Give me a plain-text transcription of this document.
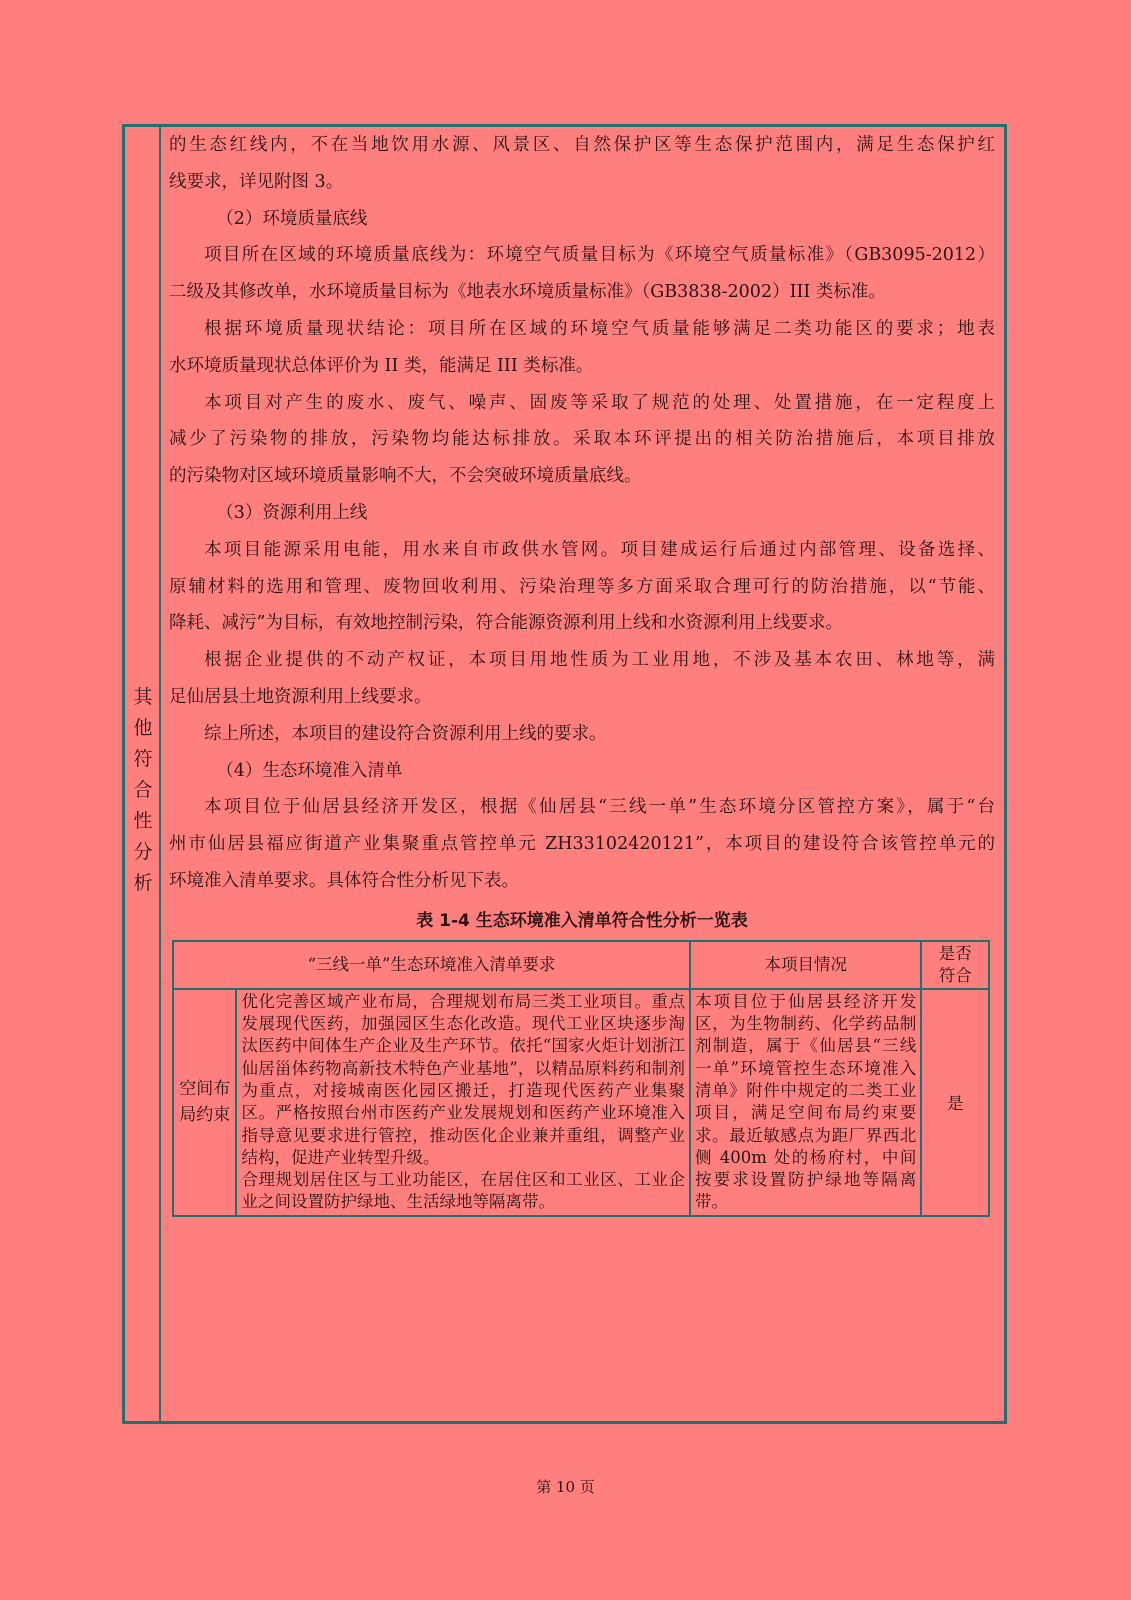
其
他
符
合
性
分
析

的生态红线内，不在当地饮用水源、风景区、自然保护区等生态保护范围内，满足生态保护红

线要求，详见附图 3。

（2）环境质量底线

项目所在区域的环境质量底线为：环境空气质量目标为《环境空气质量标准》（GB3095-2012）

二级及其修改单，水环境质量目标为《地表水环境质量标准》（GB3838-2002）III 类标准。

根据环境质量现状结论：项目所在区域的环境空气质量能够满足二类功能区的要求；地表

水环境质量现状总体评价为 II 类，能满足 III 类标准。

本项目对产生的废水、废气、噪声、固废等采取了规范的处理、处置措施，在一定程度上

减少了污染物的排放，污染物均能达标排放。采取本环评提出的相关防治措施后，本项目排放

的污染物对区域环境质量影响不大，不会突破环境质量底线。

（3）资源利用上线

本项目能源采用电能，用水来自市政供水管网。项目建成运行后通过内部管理、设备选择、

原辅材料的选用和管理、废物回收利用、污染治理等多方面采取合理可行的防治措施，以“节能、

降耗、减污”为目标，有效地控制污染，符合能源资源利用上线和水资源利用上线要求。

根据企业提供的不动产权证，本项目用地性质为工业用地，不涉及基本农田、林地等，满

足仙居县土地资源利用上线要求。

综上所述，本项目的建设符合资源利用上线的要求。

（4）生态环境准入清单

本项目位于仙居县经济开发区，根据《仙居县“三线一单”生态环境分区管控方案》，属于“台

州市仙居县福应街道产业集聚重点管控单元 ZH33102420121”，本项目的建设符合该管控单元的

环境准入清单要求。具体符合性分析见下表。

表 1-4 生态环境准入清单符合性分析一览表
“三线一单”生态环境准入清单要求		本项目情况	是否
符合

空间布局约束	优化完善区域产业布局，合理规划布局三类工业项目。重点发展现代医药，加强园区生态化改造。现代工业区块逐步淘汰医药中间体生产企业及生产环节。依托“国家火炬计划浙江仙居甾体药物高新技术特色产业基地”，以精品原料药和制剂为重点，对接城南医化园区搬迁，打造现代医药产业集聚区。严格按照台州市医药产业发展规划和医药产业环境准入指导意见要求进行管控，推动医化企业兼并重组，调整产业结构，促进产业转型升级。
合理规划居住区与工业功能区，在居住区和工业区、工业企业之间设置防护绿地、生活绿地等隔离带。	本项目位于仙居县经济开发区，为生物制药、化学药品制剂制造，属于《仙居县“三线一单”环境管控生态环境准入清单》附件中规定的二类工业项目，满足空间布局约束要求。最近敏感点为距厂界西北侧 400m 处的杨府村，中间按要求设置防护绿地等隔离带。	是
第 10 页
